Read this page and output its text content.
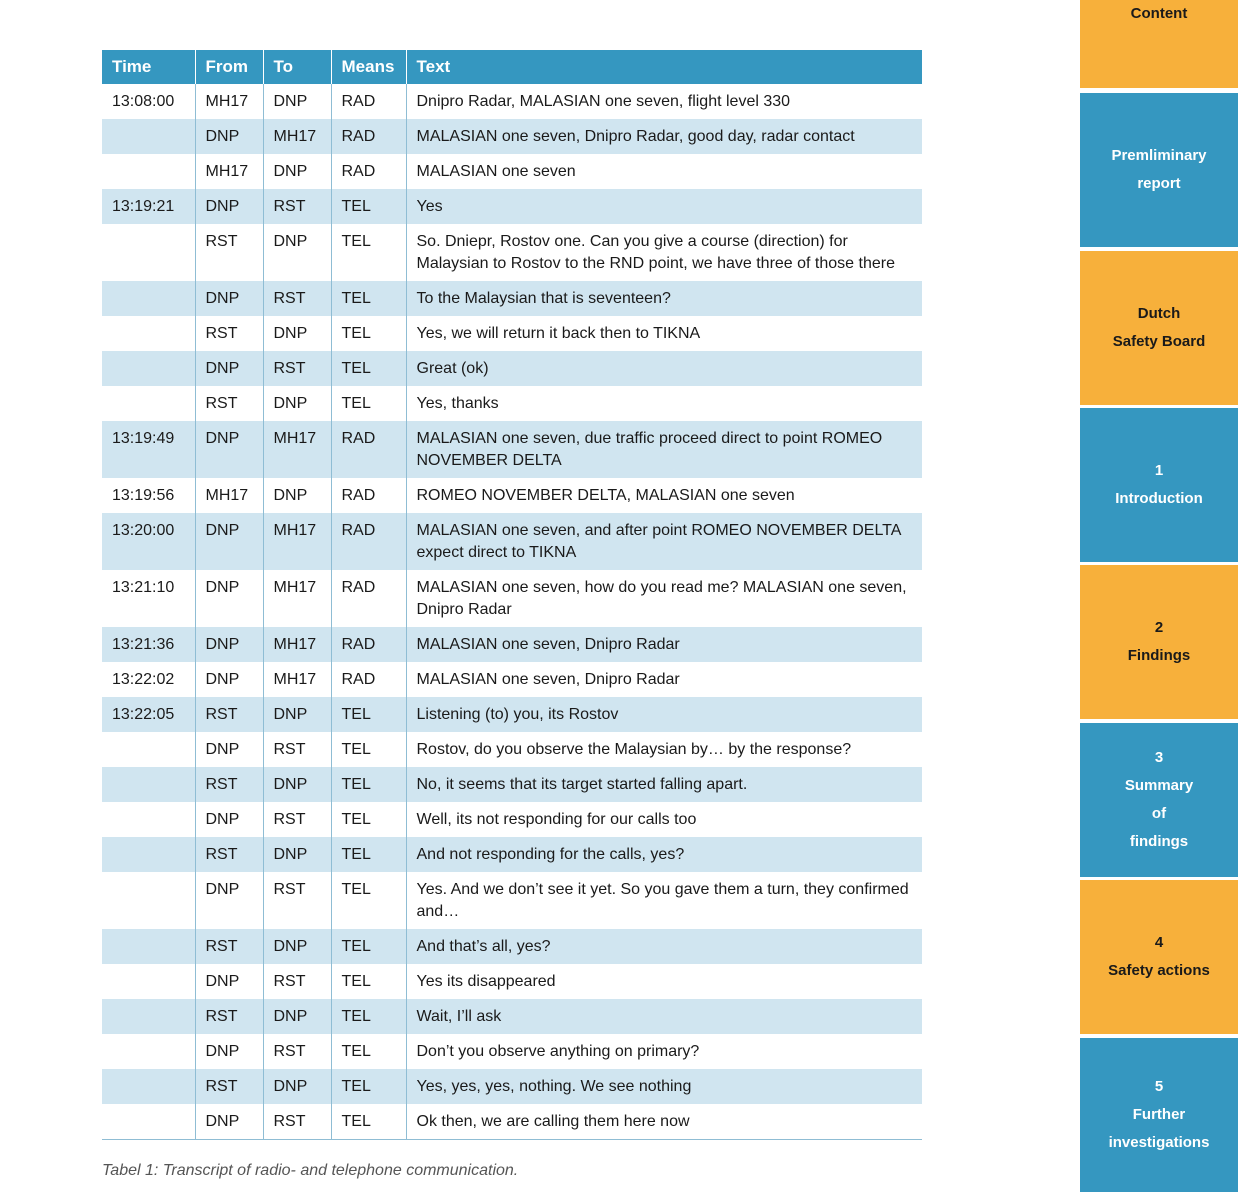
Time	From	To	Means	Text
13:08:00	MH17	DNP	RAD	Dnipro Radar, MALASIAN one seven, flight level 330
	DNP	MH17	RAD	MALASIAN one seven, Dnipro Radar, good day, radar contact
	MH17	DNP	RAD	MALASIAN one seven
13:19:21	DNP	RST	TEL	Yes
	RST	DNP	TEL	So. Dniepr, Rostov one. Can you give a course (direction) for Malaysian to Rostov to the RND point, we have three of those there
	DNP	RST	TEL	To the Malaysian that is seventeen?
	RST	DNP	TEL	Yes, we will return it back then to TIKNA
	DNP	RST	TEL	Great (ok)
	RST	DNP	TEL	Yes, thanks
13:19:49	DNP	MH17	RAD	MALASIAN one seven, due traffic proceed direct to point ROMEO NOVEMBER DELTA
13:19:56	MH17	DNP	RAD	ROMEO NOVEMBER DELTA, MALASIAN one seven
13:20:00	DNP	MH17	RAD	MALASIAN one seven, and after point ROMEO NOVEMBER DELTA expect direct to TIKNA
13:21:10	DNP	MH17	RAD	MALASIAN one seven, how do you read me? MALASIAN one seven, Dnipro Radar
13:21:36	DNP	MH17	RAD	MALASIAN one seven, Dnipro Radar
13:22:02	DNP	MH17	RAD	MALASIAN one seven, Dnipro Radar
13:22:05	RST	DNP	TEL	Listening (to) you, its Rostov
	DNP	RST	TEL	Rostov, do you observe the Malaysian by… by the response?
	RST	DNP	TEL	No, it seems that its target started falling apart.
	DNP	RST	TEL	Well, its not responding for our calls too
	RST	DNP	TEL	And not responding for the calls, yes?
	DNP	RST	TEL	Yes. And we don’t see it yet. So you gave them a turn, they confirmed and…
	RST	DNP	TEL	And that’s all, yes?
	DNP	RST	TEL	Yes its disappeared
	RST	DNP	TEL	Wait, I’ll ask
	DNP	RST	TEL	Don’t you observe anything on primary?
	RST	DNP	TEL	Yes, yes, yes, nothing. We see nothing
	DNP	RST	TEL	Ok then, we are calling them here now
Tabel 1: Transcript of radio- and telephone communication.
Content
Premliminary
report
Dutch
Safety Board
1
Introduction
2
Findings
3
Summary
of
findings
4
Safety actions
5
Further
investigations
